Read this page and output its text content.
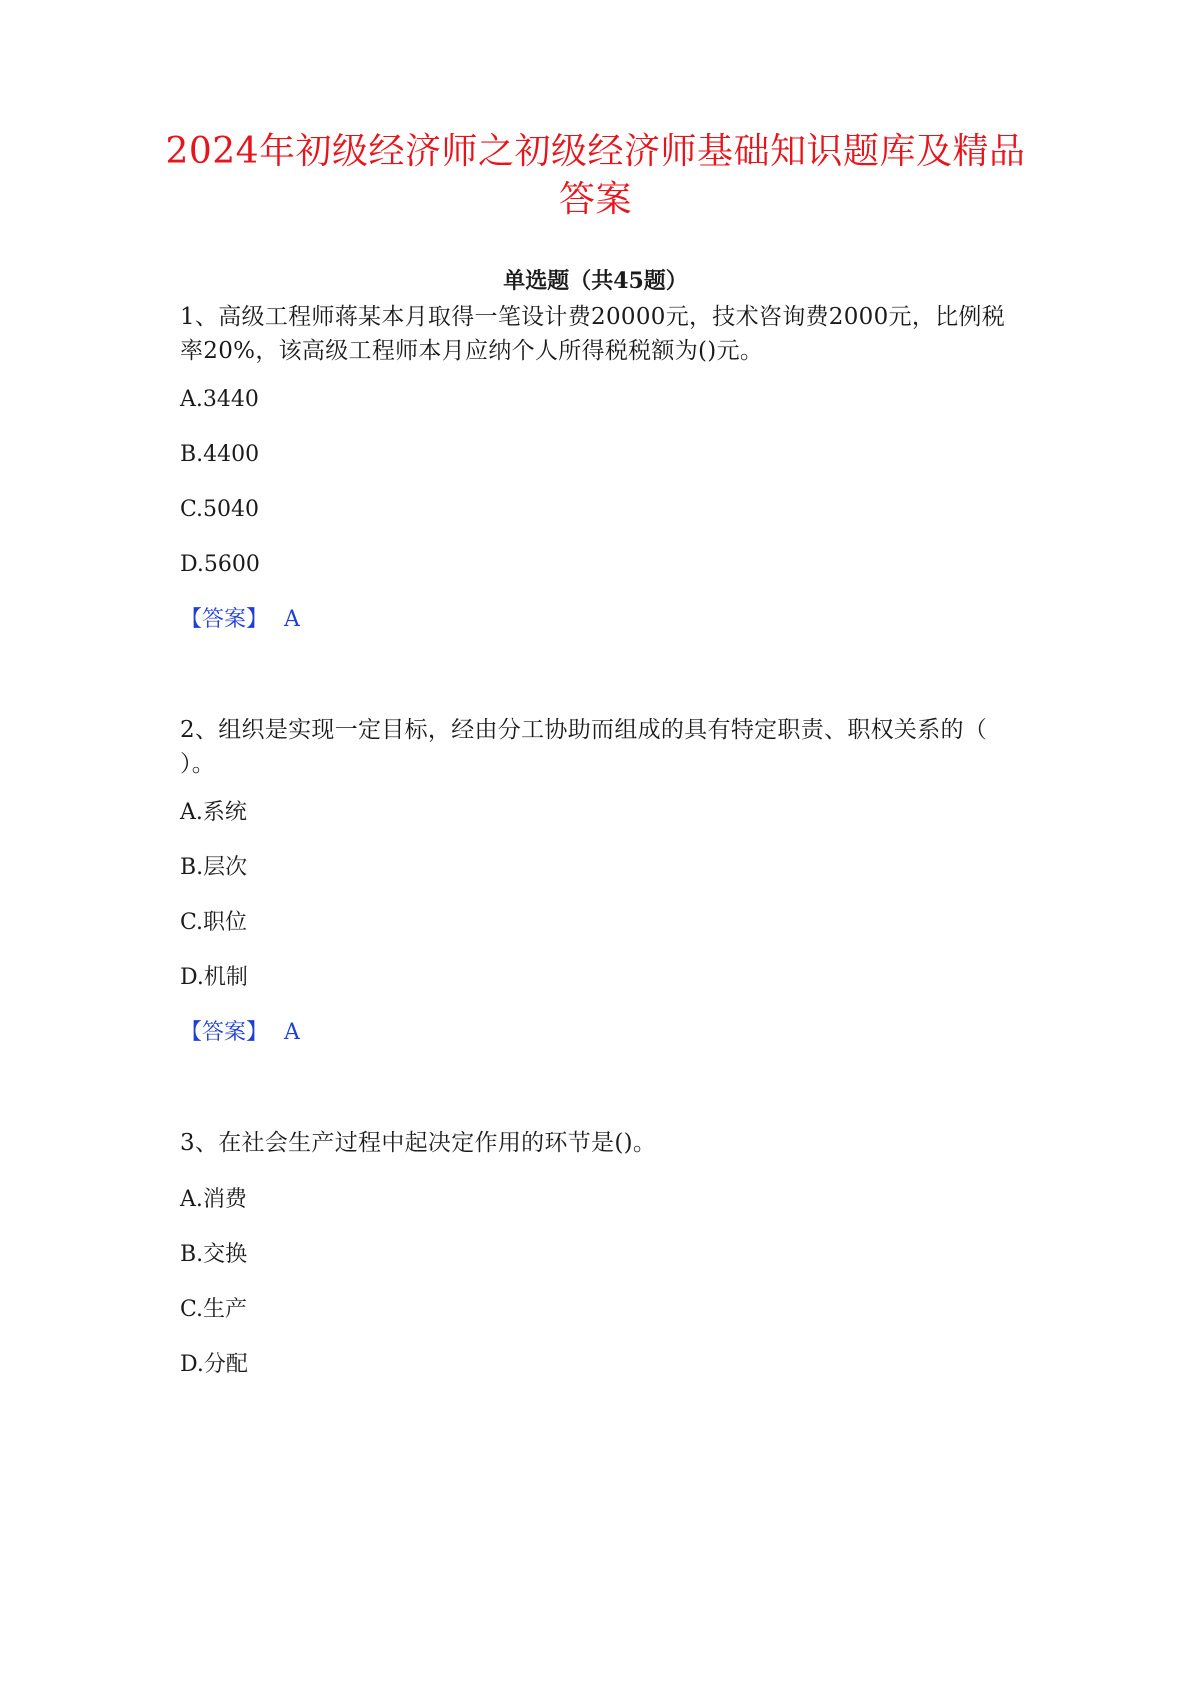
2024年初级经济师之初级经济师基础知识题库及精品答案
单选题（共45题）

1、高级工程师蒋某本月取得一笔设计费20000元，技术咨询费2000元，比例税率20%，该高级工程师本月应纳个人所得税税额为()元。

A.3440

B.4400

C.5040

D.5600

【答案】 A

2、组织是实现一定目标，经由分工协助而组成的具有特定职责、职权关系的（ ）。

A.系统

B.层次

C.职位

D.机制

【答案】 A

3、在社会生产过程中起决定作用的环节是()。

A.消费

B.交换

C.生产

D.分配
